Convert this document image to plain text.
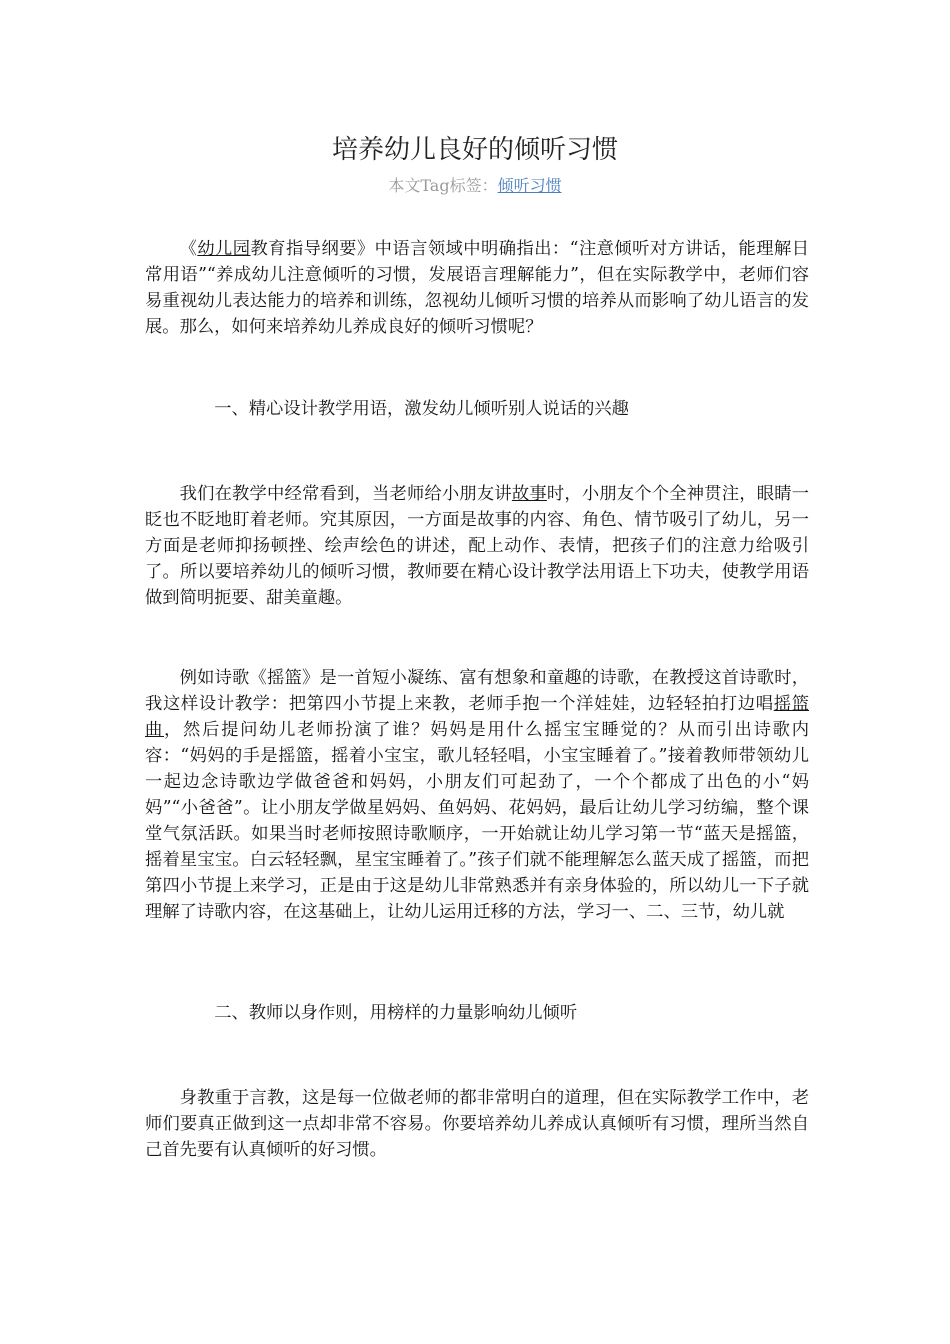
培养幼儿良好的倾听习惯
本文Tag标签：倾听习惯

《幼儿园教育指导纲要》中语言领域中明确指出：“注意倾听对方讲话，能理解日常用语”“养成幼儿注意倾听的习惯，发展语言理解能力”，但在实际教学中，老师们容易重视幼儿表达能力的培养和训练，忽视幼儿倾听习惯的培养从而影响了幼儿语言的发展。那么，如何来培养幼儿养成良好的倾听习惯呢？

一、精心设计教学用语，激发幼儿倾听别人说话的兴趣

我们在教学中经常看到，当老师给小朋友讲故事时，小朋友个个全神贯注，眼睛一眨也不眨地盯着老师。究其原因，一方面是故事的内容、角色、情节吸引了幼儿，另一方面是老师抑扬顿挫、绘声绘色的讲述，配上动作、表情，把孩子们的注意力给吸引了。所以要培养幼儿的倾听习惯，教师要在精心设计教学法用语上下功夫，使教学用语做到简明扼要、甜美童趣。

例如诗歌《摇篮》是一首短小凝练、富有想象和童趣的诗歌，在教授这首诗歌时，我这样设计教学：把第四小节提上来教，老师手抱一个洋娃娃，边轻轻拍打边唱摇篮曲，然后提问幼儿老师扮演了谁？妈妈是用什么摇宝宝睡觉的？从而引出诗歌内容：“妈妈的手是摇篮，摇着小宝宝，歌儿轻轻唱，小宝宝睡着了。”接着教师带领幼儿一起边念诗歌边学做爸爸和妈妈，小朋友们可起劲了，一个个都成了出色的小“妈妈”“小爸爸”。让小朋友学做星妈妈、鱼妈妈、花妈妈，最后让幼儿学习纺编，整个课堂气氛活跃。如果当时老师按照诗歌顺序，一开始就让幼儿学习第一节“蓝天是摇篮，摇着星宝宝。白云轻轻飘，星宝宝睡着了。”孩子们就不能理解怎么蓝天成了摇篮，而把第四小节提上来学习，正是由于这是幼儿非常熟悉并有亲身体验的，所以幼儿一下子就理解了诗歌内容，在这基础上，让幼儿运用迁移的方法，学习一、二、三节，幼儿就

二、教师以身作则，用榜样的力量影响幼儿倾听

身教重于言教，这是每一位做老师的都非常明白的道理，但在实际教学工作中，老师们要真正做到这一点却非常不容易。你要培养幼儿养成认真倾听有习惯，理所当然自己首先要有认真倾听的好习惯。
